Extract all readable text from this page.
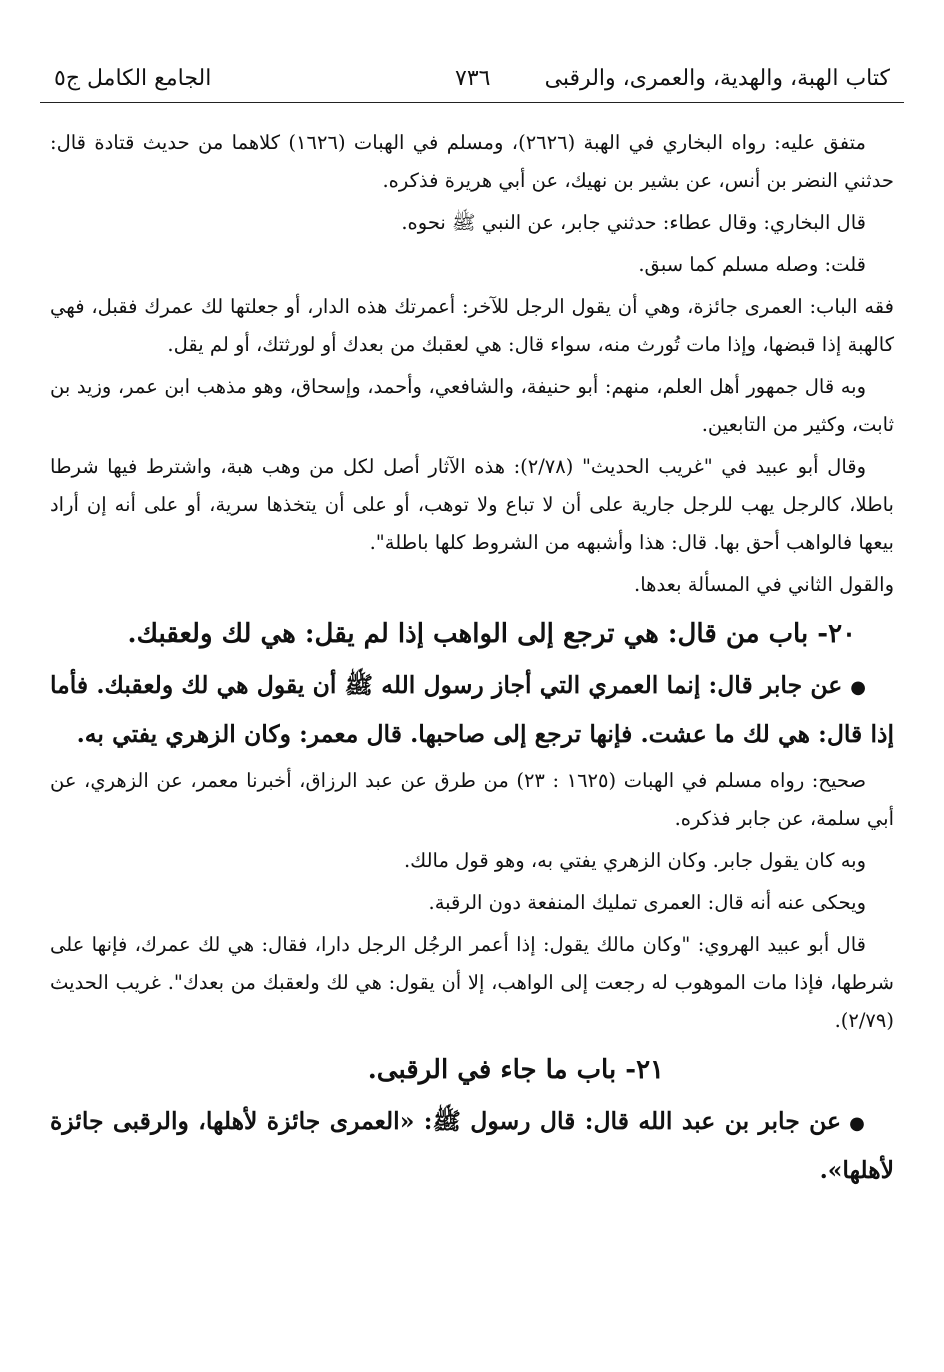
كتاب الهبة، والهدية، والعمرى، والرقبى
٧٣٦
الجامع الكامل ج٥

متفق عليه: رواه البخاري في الهبة (٢٦٢٦)، ومسلم في الهبات (١٦٢٦) كلاهما من حديث قتادة قال: حدثني النضر بن أنس، عن بشير بن نهيك، عن أبي هريرة فذكره.

قال البخاري: وقال عطاء: حدثني جابر، عن النبي ﷺ نحوه.

قلت: وصله مسلم كما سبق.

فقه الباب: العمرى جائزة، وهي أن يقول الرجل للآخر: أعمرتك هذه الدار، أو جعلتها لك عمرك فقبل، فهي كالهبة إذا قبضها، وإذا مات تُورث منه، سواء قال: هي لعقبك من بعدك أو لورثتك، أو لم يقل.

وبه قال جمهور أهل العلم، منهم: أبو حنيفة، والشافعي، وأحمد، وإسحاق، وهو مذهب ابن عمر، وزيد بن ثابت، وكثير من التابعين.

وقال أبو عبيد في "غريب الحديث" (٢/٧٨): هذه الآثار أصل لكل من وهب هبة، واشترط فيها شرطا باطلا، كالرجل يهب للرجل جارية على أن لا تباع ولا توهب، أو على أن يتخذها سرية، أو على أنه إن أراد بيعها فالواهب أحق بها. قال: هذا وأشبهه من الشروط كلها باطلة".

والقول الثاني في المسألة بعدها.

٢٠- باب من قال: هي ترجع إلى الواهب إذا لم يقل: هي لك ولعقبك.

●عن جابر قال: إنما العمري التي أجاز رسول الله ﷺ أن يقول هي لك ولعقبك. فأما إذا قال: هي لك ما عشت. فإنها ترجع إلى صاحبها. قال معمر: وكان الزهري يفتي به.

صحيح: رواه مسلم في الهبات (١٦٢٥ : ٢٣) من طرق عن عبد الرزاق، أخبرنا معمر، عن الزهري، عن أبي سلمة، عن جابر فذكره.

وبه كان يقول جابر. وكان الزهري يفتي به، وهو قول مالك.

ويحكى عنه أنه قال: العمرى تمليك المنفعة دون الرقبة.

قال أبو عبيد الهروي: "وكان مالك يقول: إذا أعمر الرجُل الرجل دارا، فقال: هي لك عمرك، فإنها على شرطها، فإذا مات الموهوب له رجعت إلى الواهب، إلا أن يقول: هي لك ولعقبك من بعدك". غريب الحديث (٢/٧٩).

٢١- باب ما جاء في الرقبى.

●عن جابر بن عبد الله قال: قال رسول ﷺ: «العمرى جائزة لأهلها، والرقبى جائزة لأهلها».
